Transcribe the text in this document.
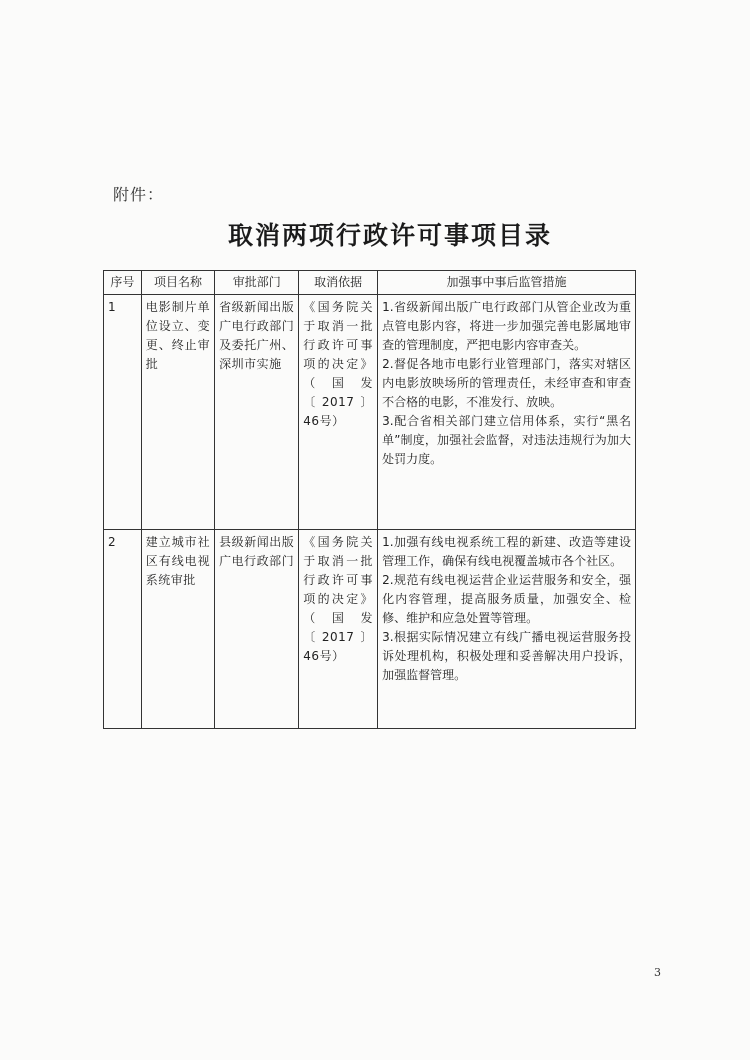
附件：
取消两项行政许可事项目录
序号	项目名称	审批部门	取消依据	加强事中事后监管措施
1	电影制片单位设立、变更、终止审批	省级新闻出版广电行政部门及委托广州、深圳市实施	《国务院关于取消一批行政许可事项的决定》（国发〔2017〕46号）	1.省级新闻出版广电行政部门从管企业改为重点管电影内容，将进一步加强完善电影属地审查的管理制度，严把电影内容审查关。

2.督促各地市电影行业管理部门，落实对辖区内电影放映场所的管理责任，未经审查和审查不合格的电影，不准发行、放映。

3.配合省相关部门建立信用体系，实行“黑名单”制度，加强社会监督，对违法违规行为加大处罚力度。

2	建立城市社区有线电视系统审批	县级新闻出版广电行政部门	《国务院关于取消一批行政许可事项的决定》（国发〔2017〕46号）	1.加强有线电视系统工程的新建、改造等建设管理工作，确保有线电视覆盖城市各个社区。

2.规范有线电视运营企业运营服务和安全，强化内容管理，提高服务质量，加强安全、检修、维护和应急处置等管理。

3.根据实际情况建立有线广播电视运营服务投诉处理机构，积极处理和妥善解决用户投诉，加强监督管理。

3
